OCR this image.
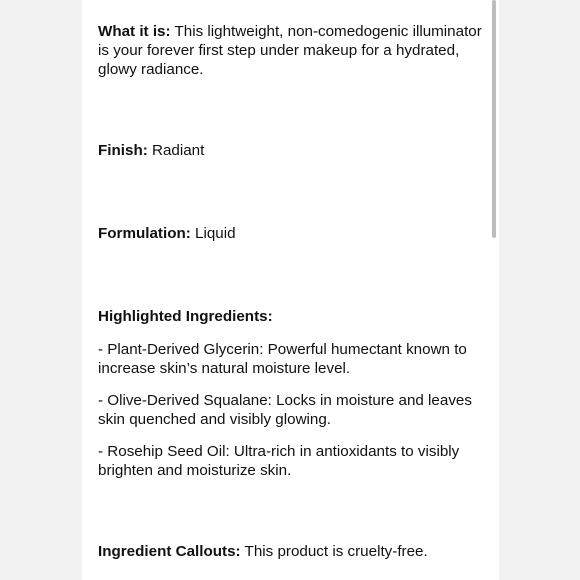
What it is: This lightweight, non-comedogenic illuminator is your forever first step under makeup for a hydrated, glowy radiance.

Finish: Radiant

Formulation: Liquid

Highlighted Ingredients:

- Plant-Derived Glycerin: Powerful humectant known to increase skin’s natural moisture level.

- Olive-Derived Squalane: Locks in moisture and leaves skin quenched and visibly glowing.

- Rosehip Seed Oil: Ultra-rich in antioxidants to visibly brighten and moisturize skin.

Ingredient Callouts: This product is cruelty-free.
